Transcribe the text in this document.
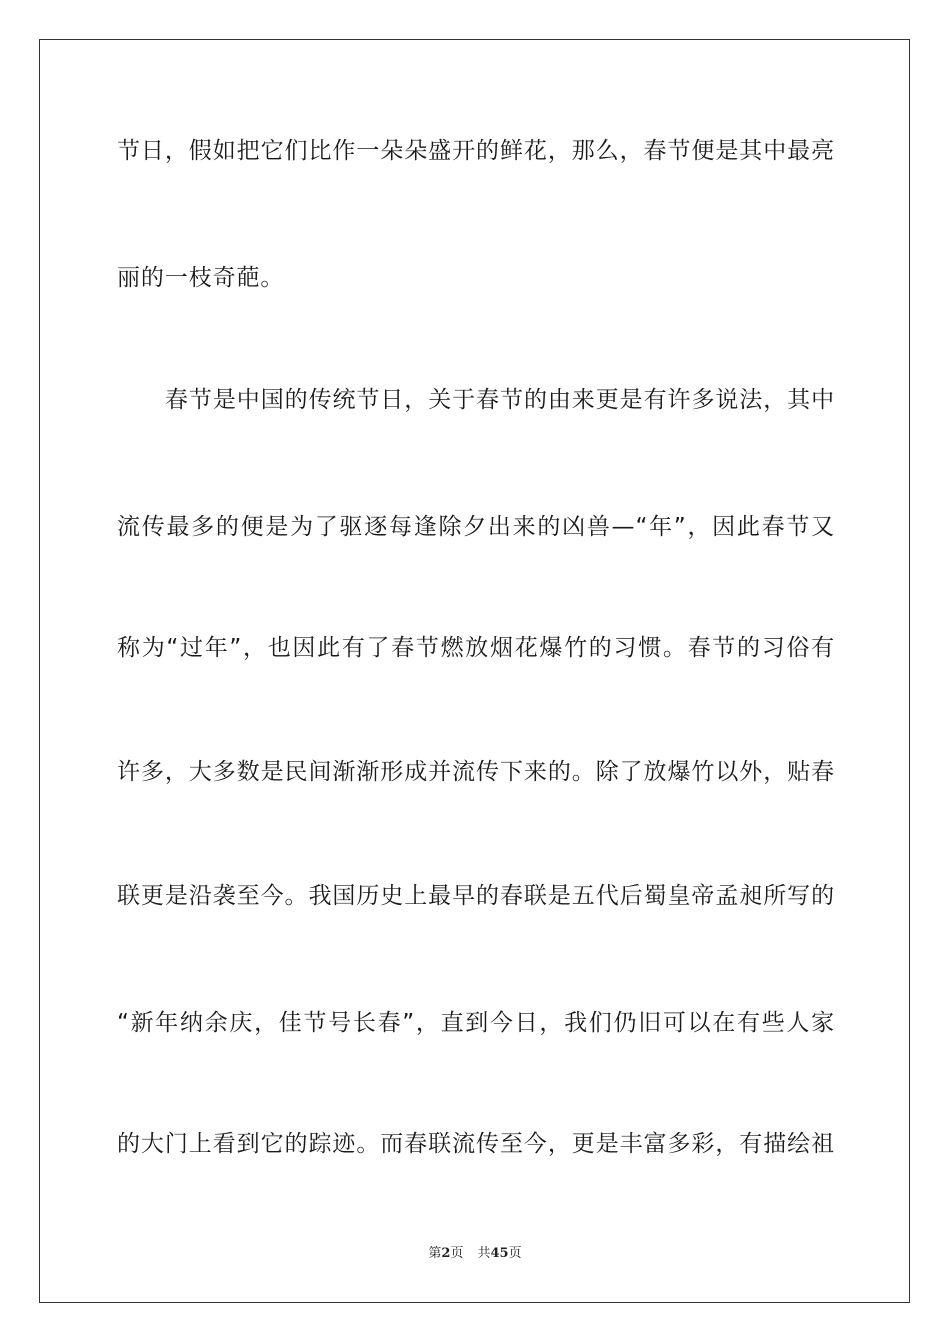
节日，假如把它们比作一朵朵盛开的鲜花，那么，春节便是其中最亮
丽的一枝奇葩。
春节是中国的传统节日，关于春节的由来更是有许多说法，其中
流传最多的便是为了驱逐每逢除夕出来的凶兽—“年”，因此春节又
称为“过年”，也因此有了春节燃放烟花爆竹的习惯。春节的习俗有
许多，大多数是民间渐渐形成并流传下来的。除了放爆竹以外，贴春
联更是沿袭至今。我国历史上最早的春联是五代后蜀皇帝孟昶所写的
“新年纳余庆，佳节号长春”，直到今日，我们仍旧可以在有些人家
的大门上看到它的踪迹。而春联流传至今，更是丰富多彩，有描绘祖
第2页 共45页
